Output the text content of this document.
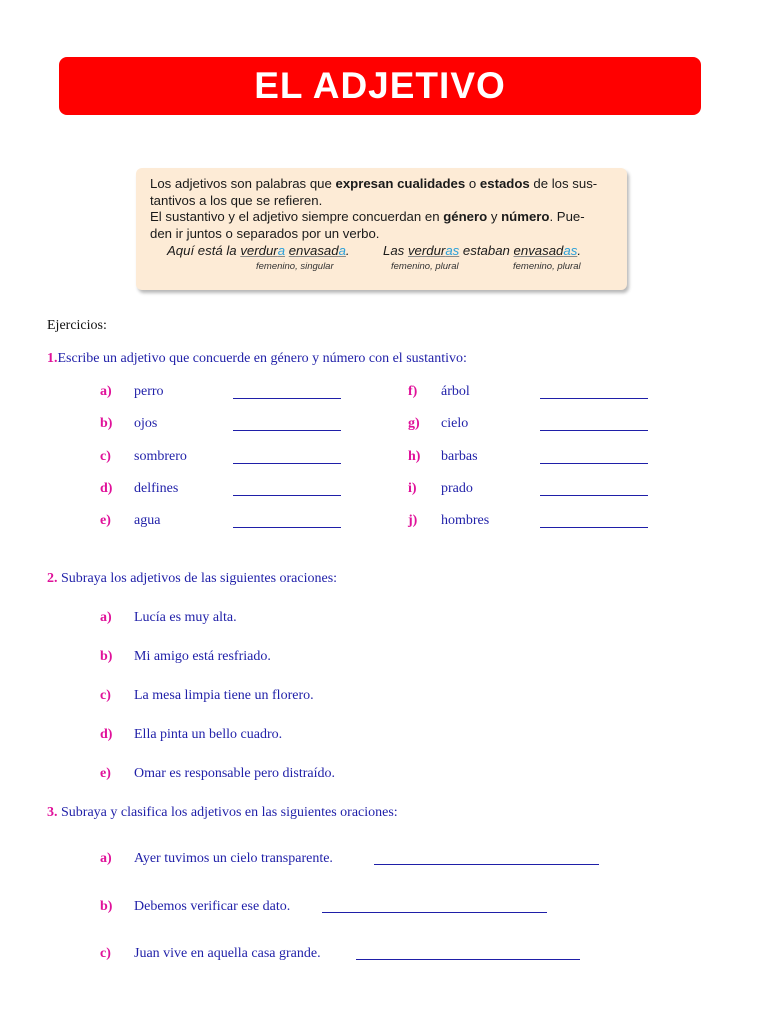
EL ADJETIVO

Los adjetivos son palabras que expresan cualidades o estados de los sus-
tantivos a los que se refieren.

El sustantivo y el adjetivo siempre concuerdan en género y número. Pue-
den ir juntos o separados por un verbo.

Aquí está la verdura envasada.	Las verduras estaban envasadas.
femenino, singular	femenino, plural	femenino, plural
Ejercicios:
1.Escribe un adjetivo que concuerde en género y número con el sustantivo:
a) perro
b) ojos
c) sombrero
d) delfines
e) agua
f) árbol
g) cielo
h) barbas
i) prado
j) hombres
2. Subraya los adjetivos de las siguientes oraciones:
a) Lucía es muy alta.
b) Mi amigo está resfriado.
c) La mesa limpia tiene un florero.
d) Ella pinta un bello cuadro.
e) Omar es responsable pero distraído.
3. Subraya y clasifica los adjetivos en las siguientes oraciones:
a) Ayer tuvimos un cielo transparente.
b) Debemos verificar ese dato.
c) Juan vive en aquella casa grande.
